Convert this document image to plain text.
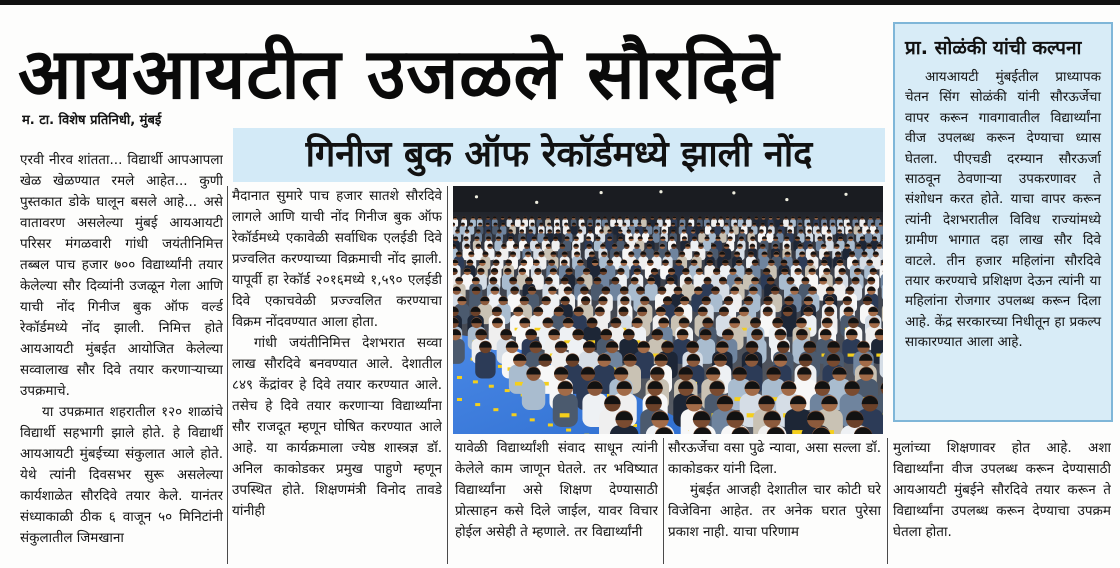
आयआयटीत उजळले सौरदिवे
म. टा. विशेष प्रतिनिधी, मुंबई
गिनीज बुक ऑफ रेकॉर्डमध्ये झाली नोंद

एरवी नीरव शांतता... विद्यार्थी आपआपला खेळ खेळण्यात रमले आहेत... कुणी पुस्तकात डोके घालून बसले आहे... असे वातावरण असलेल्या मुंबई आयआयटी परिसर मंगळवारी गांधी जयंतीनिमित्त तब्बल पाच हजार ७०० विद्यार्थ्यांनी तयार केलेल्या सौर दिव्यांनी उजळून गेला आणि याची नोंद गिनीज बुक ऑफ वर्ल्ड रेकॉर्डमध्ये नोंद झाली. निमित्त होते आयआयटी मुंबईत आयोजित केलेल्या सव्वालाख सौर दिवे तयार करणाऱ्याच्या उपक्रमाचे.

या उपक्रमात शहरातील १२० शाळांचे विद्यार्थी सहभागी झाले होते. हे विद्यार्थी आयआयटी मुंबईच्या संकुलात आले होते. येथे त्यांनी दिवसभर सुरू असलेल्या कार्यशाळेत सौरदिवे तयार केले. यानंतर संध्याकाळी ठीक ६ वाजून ५० मिनिटांनी संकुलातील जिमखाना

मैदानात सुमारे पाच हजार सातशे सौरदिवे लागले आणि याची नोंद गिनीज बुक ऑफ रेकॉर्डमध्ये एकावेळी सर्वाधिक एलईडी दिवे प्रज्वलित करण्याच्या विक्रमाची नोंद झाली. यापूर्वी हा रेकॉर्ड २०१६मध्ये १,५९० एलईडी दिवे एकाचवेळी प्रज्ज्वलित करण्याचा विक्रम नोंदवण्यात आला होता.

गांधी जयंतीनिमित्त देशभरात सव्वा लाख सौरदिवे बनवण्यात आले. देशातील ८४९ केंद्रांवर हे दिवे तयार करण्यात आले. तसेच हे दिवे तयार करणाऱ्या विद्यार्थ्यांना सौर राजदूत म्हणून घोषित करण्यात आले आहे. या कार्यक्रमाला ज्येष्ठ शास्त्रज्ञ डॉ. अनिल काकोडकर प्रमुख पाहुणे म्हणून उपस्थित होते. शिक्षणमंत्री विनोद तावडे यांनीही

यावेळी विद्यार्थ्यांशी संवाद साधून त्यांनी केलेले काम जाणून घेतले. तर भविष्यात विद्यार्थ्यांना असे शिक्षण देण्यासाठी प्रोत्साहन कसे दिले जाईल, यावर विचार होईल असेही ते म्हणाले. तर विद्यार्थ्यांनी

सौरऊर्जेचा वसा पुढे न्यावा, असा सल्ला डॉ. काकोडकर यांनी दिला.

मुंबईत आजही देशातील चार कोटी घरे विजेविना आहेत. तर अनेक घरात पुरेसा प्रकाश नाही. याचा परिणाम

मुलांच्या शिक्षणावर होत आहे. अशा विद्यार्थ्यांना वीज उपलब्ध करून देण्यासाठी आयआयटी मुंबईने सौरदिवे तयार करून ते विद्यार्थ्यांना उपलब्ध करून देण्याचा उपक्रम घेतला होता.

प्रा. सोळंकी यांची कल्पना

आयआयटी मुंबईतील प्राध्यापक चेतन सिंग सोळंकी यांनी सौरऊर्जेचा वापर करून गावगावातील विद्यार्थ्यांना वीज उपलब्ध करून देण्याचा ध्यास घेतला. पीएचडी दरम्यान सौरऊर्जा साठवून ठेवणाऱ्या उपकरणावर ते संशोधन करत होते. याचा वापर करून त्यांनी देशभरातील विविध राज्यांमध्ये ग्रामीण भागात दहा लाख सौर दिवे वाटले. तीन हजार महिलांना सौरदिवे तयार करण्याचे प्रशिक्षण देऊन त्यांनी या महिलांना रोजगार उपलब्ध करून दिला आहे. केंद्र सरकारच्या निधीतून हा प्रकल्प साकारण्यात आला आहे.
